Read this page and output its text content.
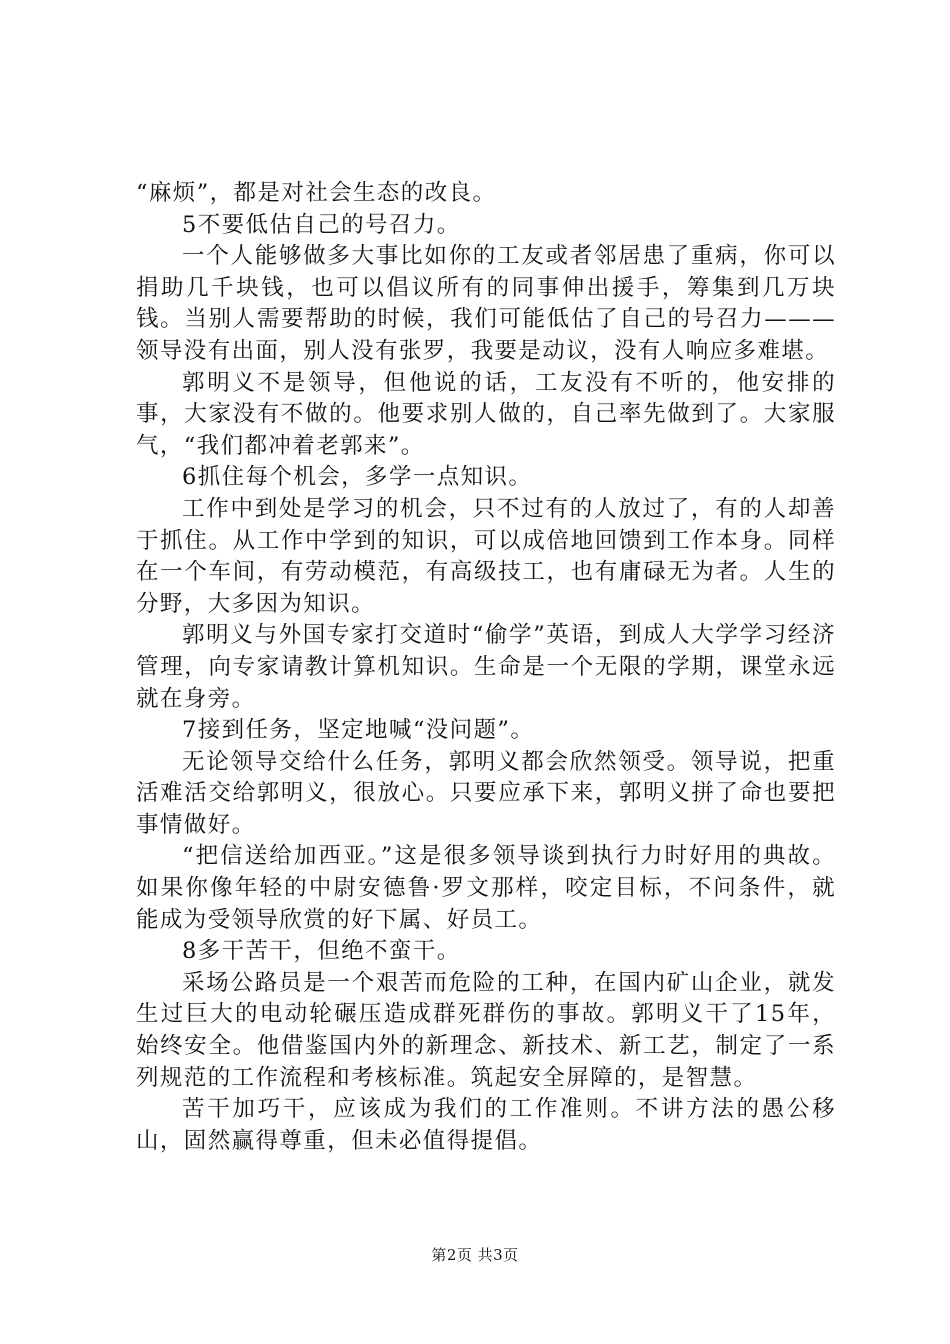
“麻烦”，都是对社会生态的改良。

5不要低估自己的号召力。

一个人能够做多大事比如你的工友或者邻居患了重病，你可以捐助几千块钱，也可以倡议所有的同事伸出援手，筹集到几万块钱。当别人需要帮助的时候，我们可能低估了自己的号召力———领导没有出面，别人没有张罗，我要是动议，没有人响应多难堪。

郭明义不是领导，但他说的话，工友没有不听的，他安排的事，大家没有不做的。他要求别人做的，自己率先做到了。大家服气，“我们都冲着老郭来”。

6抓住每个机会，多学一点知识。

工作中到处是学习的机会，只不过有的人放过了，有的人却善于抓住。从工作中学到的知识，可以成倍地回馈到工作本身。同样在一个车间，有劳动模范，有高级技工，也有庸碌无为者。人生的分野，大多因为知识。

郭明义与外国专家打交道时“偷学”英语，到成人大学学习经济管理，向专家请教计算机知识。生命是一个无限的学期，课堂永远就在身旁。

7接到任务，坚定地喊“没问题”。

无论领导交给什么任务，郭明义都会欣然领受。领导说，把重活难活交给郭明义，很放心。只要应承下来，郭明义拼了命也要把事情做好。

“把信送给加西亚。”这是很多领导谈到执行力时好用的典故。如果你像年轻的中尉安德鲁·罗文那样，咬定目标，不问条件，就能成为受领导欣赏的好下属、好员工。

8多干苦干，但绝不蛮干。

采场公路员是一个艰苦而危险的工种，在国内矿山企业，就发生过巨大的电动轮碾压造成群死群伤的事故。郭明义干了15年，始终安全。他借鉴国内外的新理念、新技术、新工艺，制定了一系列规范的工作流程和考核标准。筑起安全屏障的，是智慧。

苦干加巧干，应该成为我们的工作准则。不讲方法的愚公移山，固然赢得尊重，但未必值得提倡。

第2页 共3页
